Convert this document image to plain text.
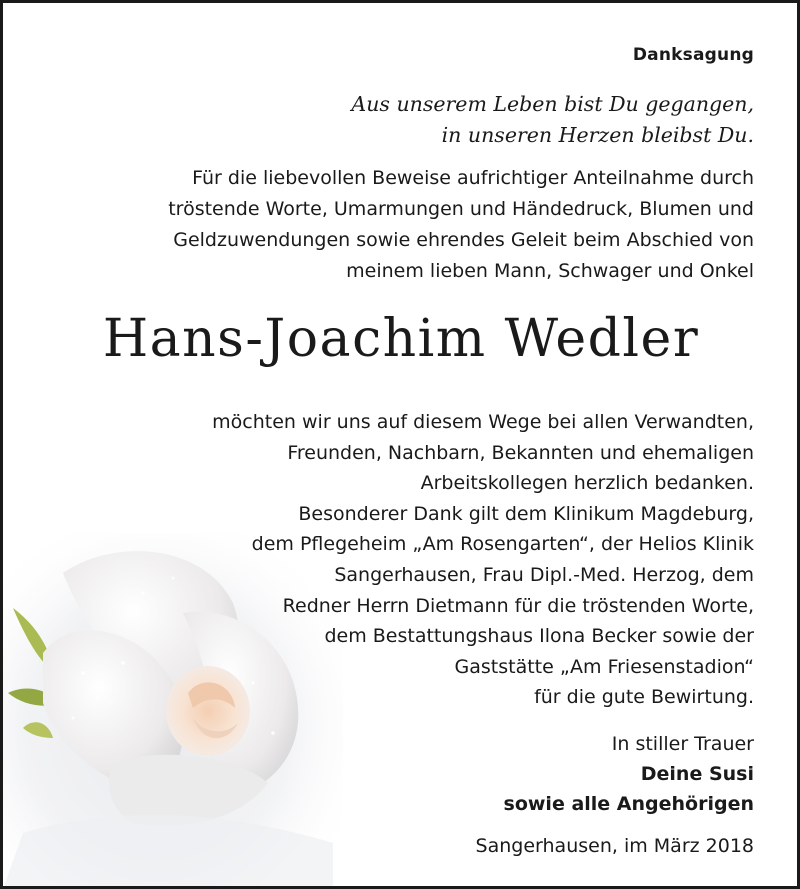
Danksagung

Aus unserem Leben bist Du gegangen,
in unseren Herzen bleibst Du.

Für die liebevollen Beweise aufrichtiger Anteilnahme durch
tröstende Worte, Umarmungen und Händedruck, Blumen und
Geldzuwendungen sowie ehrendes Geleit beim Abschied von
meinem lieben Mann, Schwager und Onkel

Hans-Joachim Wedler

möchten wir uns auf diesem Wege bei allen Verwandten,
Freunden, Nachbarn, Bekannten und ehemaligen
Arbeitskollegen herzlich bedanken.
Besonderer Dank gilt dem Klinikum Magdeburg,
dem Pflegeheim „Am Rosengarten“, der Helios Klinik
Sangerhausen, Frau Dipl.-Med. Herzog, dem
Redner Herrn Dietmann für die tröstenden Worte,
dem Bestattungshaus Ilona Becker sowie der
Gaststätte „Am Friesenstadion“
für die gute Bewirtung.

In stiller Trauer
Deine Susi
sowie alle Angehörigen

Sangerhausen, im März 2018
